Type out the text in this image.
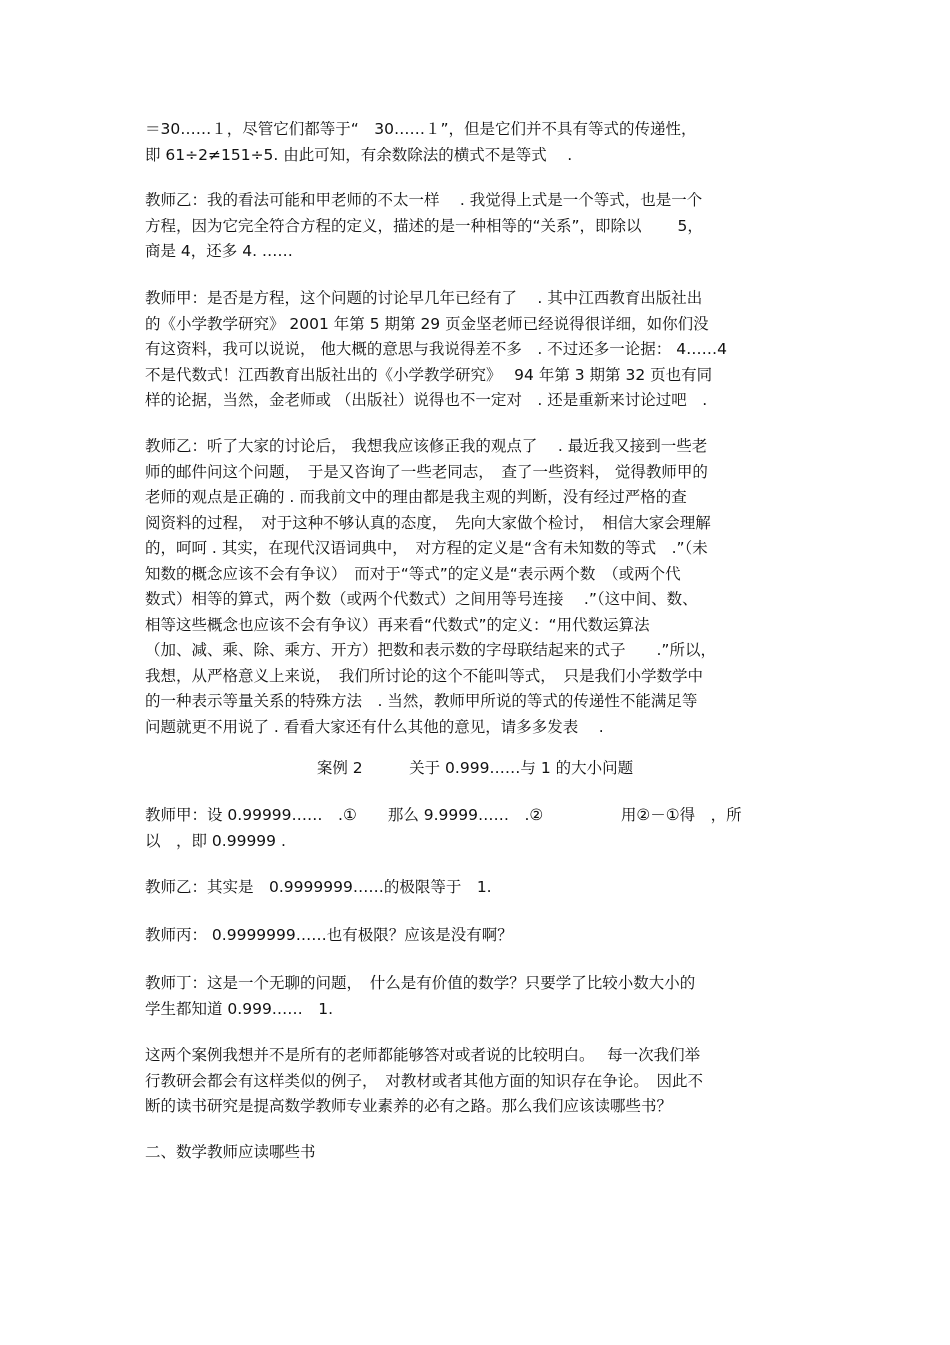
＝30……１，尽管它们都等于“　30……１”，但是它们并不具有等式的传递性，
即 61÷2≠151÷5. 由此可知，有余数除法的横式不是等式　 .

教师乙：我的看法可能和甲老师的不太一样　 . 我觉得上式是一个等式，也是一个
方程，因为它完全符合方程的定义，描述的是一种相等的“关系”，即除以　　 5，
商是 4，还多 4. ……

教师甲：是否是方程，这个问题的讨论早几年已经有了　 . 其中江西教育出版社出
的《小学教学研究》 2001 年第 5 期第 29 页金坚老师已经说得很详细，如你们没
有这资料，我可以说说， 他大概的意思与我说得差不多　. 不过还多一论据： 4……4
不是代数式！江西教育出版社出的《小学教学研究》　 94 年第 3 期第 32 页也有同
样的论据，当然，金老师或 （出版社）说得也不一定对　. 还是重新来讨论过吧　.

教师乙：听了大家的讨论后， 我想我应该修正我的观点了　 . 最近我又接到一些老
师的邮件问这个问题，　于是又咨询了一些老同志，　查了一些资料， 觉得教师甲的
老师的观点是正确的 . 而我前文中的理由都是我主观的判断，没有经过严格的查
阅资料的过程，　对于这种不够认真的态度，　先向大家做个检讨，　相信大家会理解
的，呵呵 . 其实，在现代汉语词典中，　对方程的定义是“含有未知数的等式　.”（未
知数的概念应该不会有争议）　而对于“等式”的定义是“表示两个数　（或两个代
数式）相等的算式，两个数（或两个代数式）之间用等号连接　 .”（这中间、数、
相等这些概念也应该不会有争议）再来看“代数式”的定义：“用代数运算法
（加、减、乘、除、乘方、开方）把数和表示数的字母联结起来的式子　　.”所以，
我想，从严格意义上来说，　我们所讨论的这个不能叫等式，　只是我们小学数学中
的一种表示等量关系的特殊方法　. 当然，教师甲所说的等式的传递性不能满足等
问题就更不用说了 . 看看大家还有什么其他的意见，请多多发表　 .

案例 2　　　关于 0.999……与 1 的大小问题

教师甲：设 0.99999……　.①　　那么 9.9999……　.②　　　　　用②－①得　，所
以　，即 0.99999 .

教师乙：其实是　0.9999999……的极限等于　1.

教师丙： 0.9999999……也有极限？应该是没有啊？

教师丁：这是一个无聊的问题，　什么是有价值的数学？只要学了比较小数大小的
学生都知道 0.999……　1.

这两个案例我想并不是所有的老师都能够答对或者说的比较明白。　 每一次我们举
行教研会都会有这样类似的例子，　对教材或者其他方面的知识存在争论。　因此不
断的读书研究是提高数学教师专业素养的必有之路。那么我们应该读哪些书？

二、数学教师应读哪些书
